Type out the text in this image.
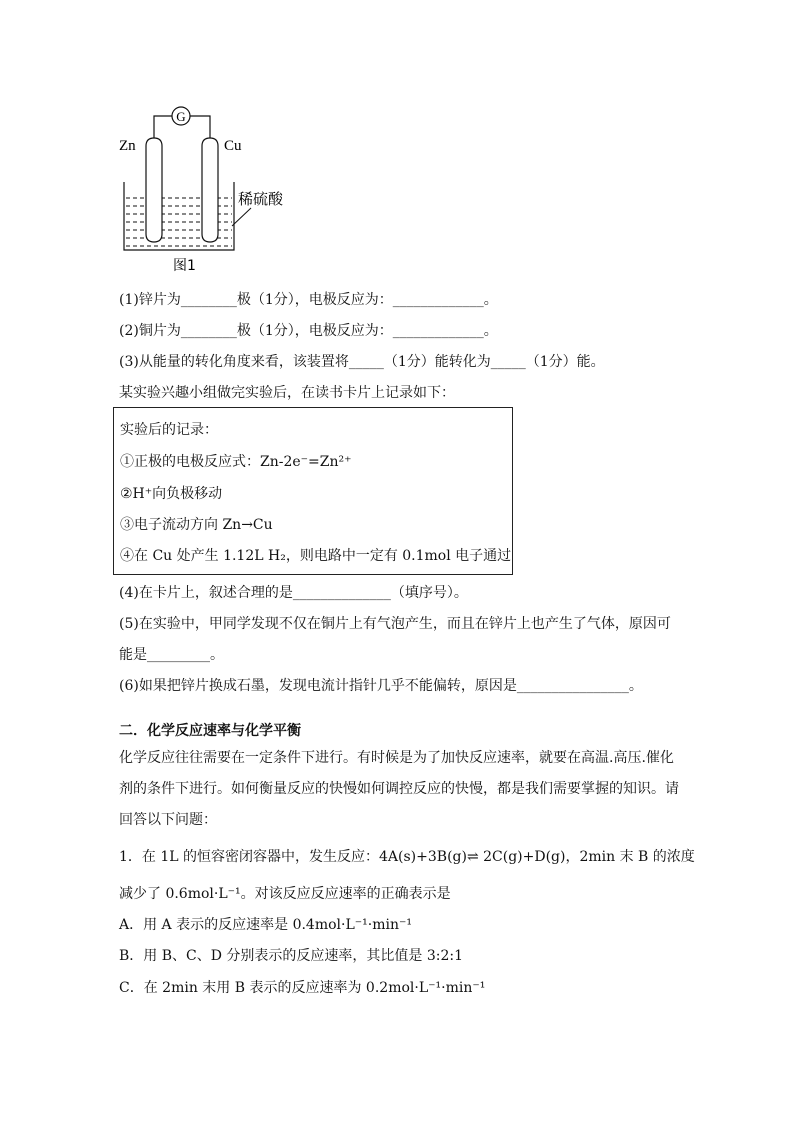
G
Zn	Cu
稀硫酸
图1
(1)锌片为________极（1分），电极反应为：_____________。
(2)铜片为________极（1分），电极反应为：_____________。
(3)从能量的转化角度来看，该装置将_____（1分）能转化为_____（1分）能。
某实验兴趣小组做完实验后，在读书卡片上记录如下：
实验后的记录：
①正极的电极反应式：Zn-2e⁻=Zn²⁺
②H⁺向负极移动
③电子流动方向 Zn→Cu
④在 Cu 处产生 1.12L H₂，则电路中一定有 0.1mol 电子通过
(4)在卡片上，叙述合理的是______________（填序号）。
(5)在实验中，甲同学发现不仅在铜片上有气泡产生，而且在锌片上也产生了气体，原因可
能是_________。
(6)如果把锌片换成石墨，发现电流计指针几乎不能偏转，原因是________________。
二．化学反应速率与化学平衡
化学反应往往需要在一定条件下进行。有时候是为了加快反应速率，就要在高温.高压.催化
剂的条件下进行。如何衡量反应的快慢如何调控反应的快慢，都是我们需要掌握的知识。请
回答以下问题：
1．在 1L 的恒容密闭容器中，发生反应：4A(s)+3B(g)⇌ 2C(g)+D(g)，2min 末 B 的浓度
减少了 0.6mol·L⁻¹。对该反应反应速率的正确表示是
A．用 A 表示的反应速率是 0.4mol·L⁻¹·min⁻¹
B．用 B、C、D 分别表示的反应速率，其比值是 3:2:1
C．在 2min 末用 B 表示的反应速率为 0.2mol·L⁻¹·min⁻¹
